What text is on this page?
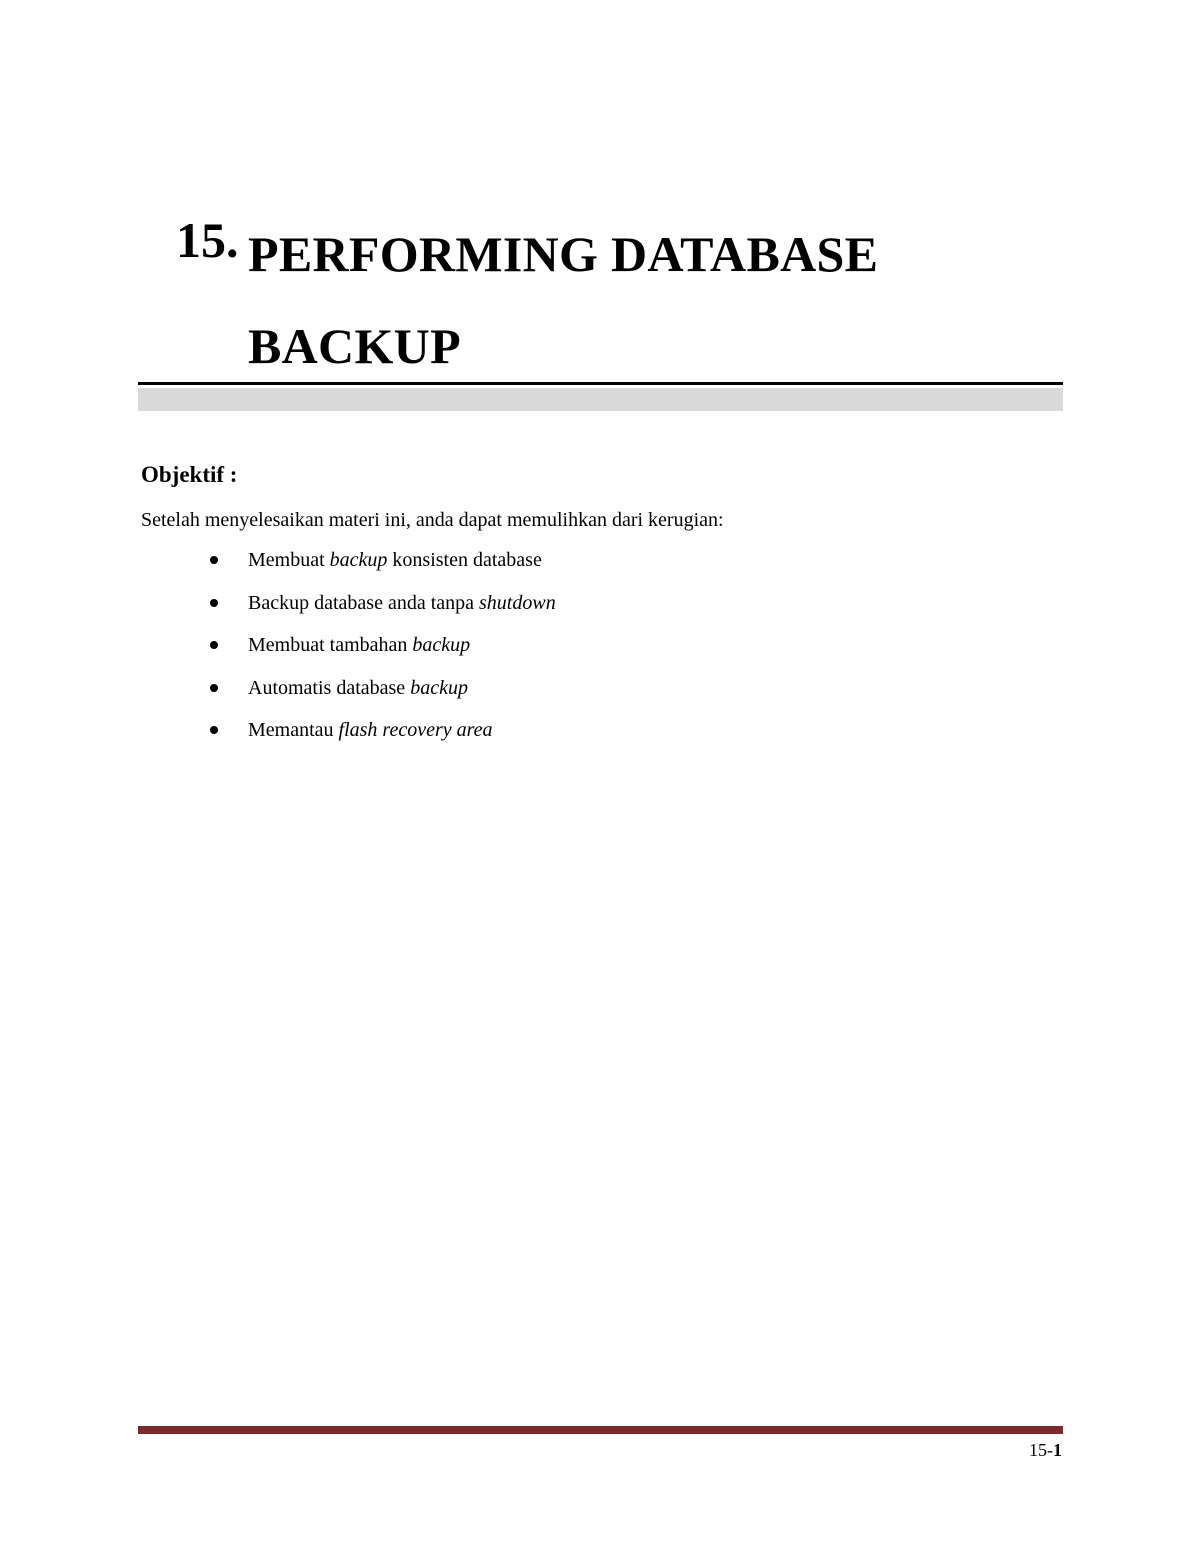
15. PERFORMING DATABASE
BACKUP
Objektif :

Setelah menyelesaikan materi ini, anda dapat memulihkan dari kerugian:

Membuat backup konsisten database
Backup database anda tanpa shutdown
Membuat tambahan backup
Automatis database backup
Memantau flash recovery area
15-1
